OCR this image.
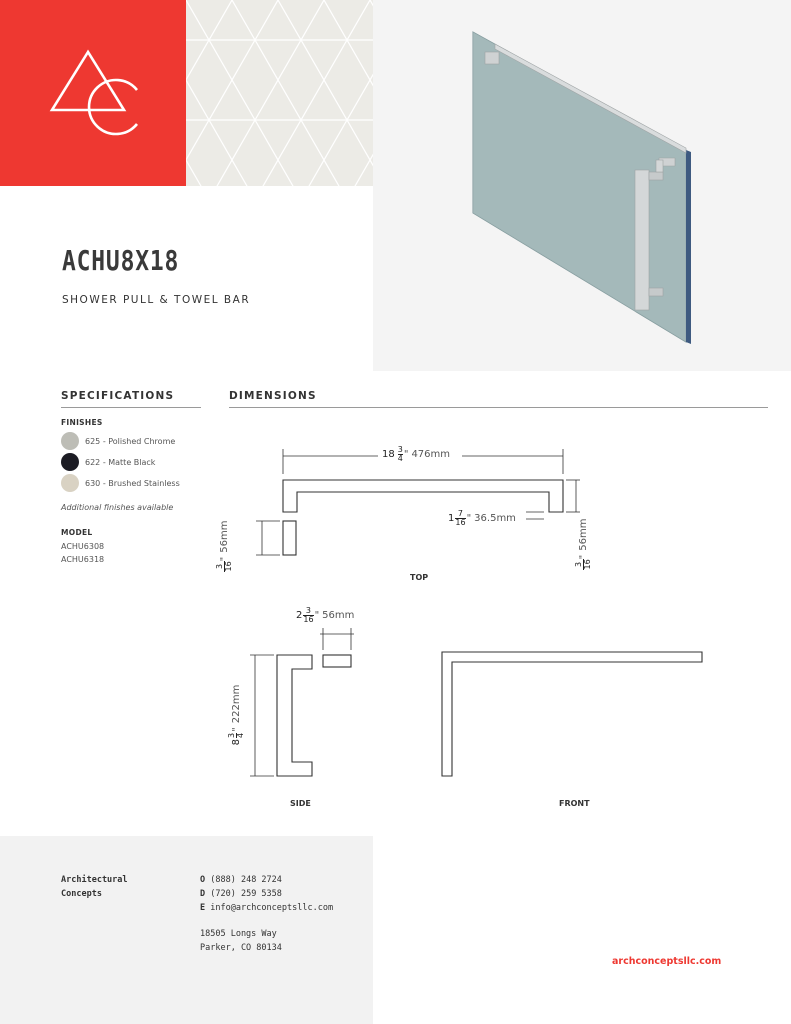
ACHU8X18
SHOWER PULL & TOWEL BAR
SPECIFICATIONS
FINISHES
625 - Polished Chrome
622 - Matte Black
630 - Brushed Stainless
Additional finishes available
MODEL
ACHU6308
ACHU6318
DIMENSIONS
18 3
4 " 476mm
1 7
16 " 36.5mm
3 16
"
56mm
3 16
"
56mm
TOP
2 3
16 " 56mm
8
3 4
"
222mm
SIDE	FRONT
Architectural
Concepts
O (888) 248 2724
D (720) 259 5358
E info@archconceptsllc.com
18505 Longs Way
Parker, CO 80134
archconceptsllc.com
